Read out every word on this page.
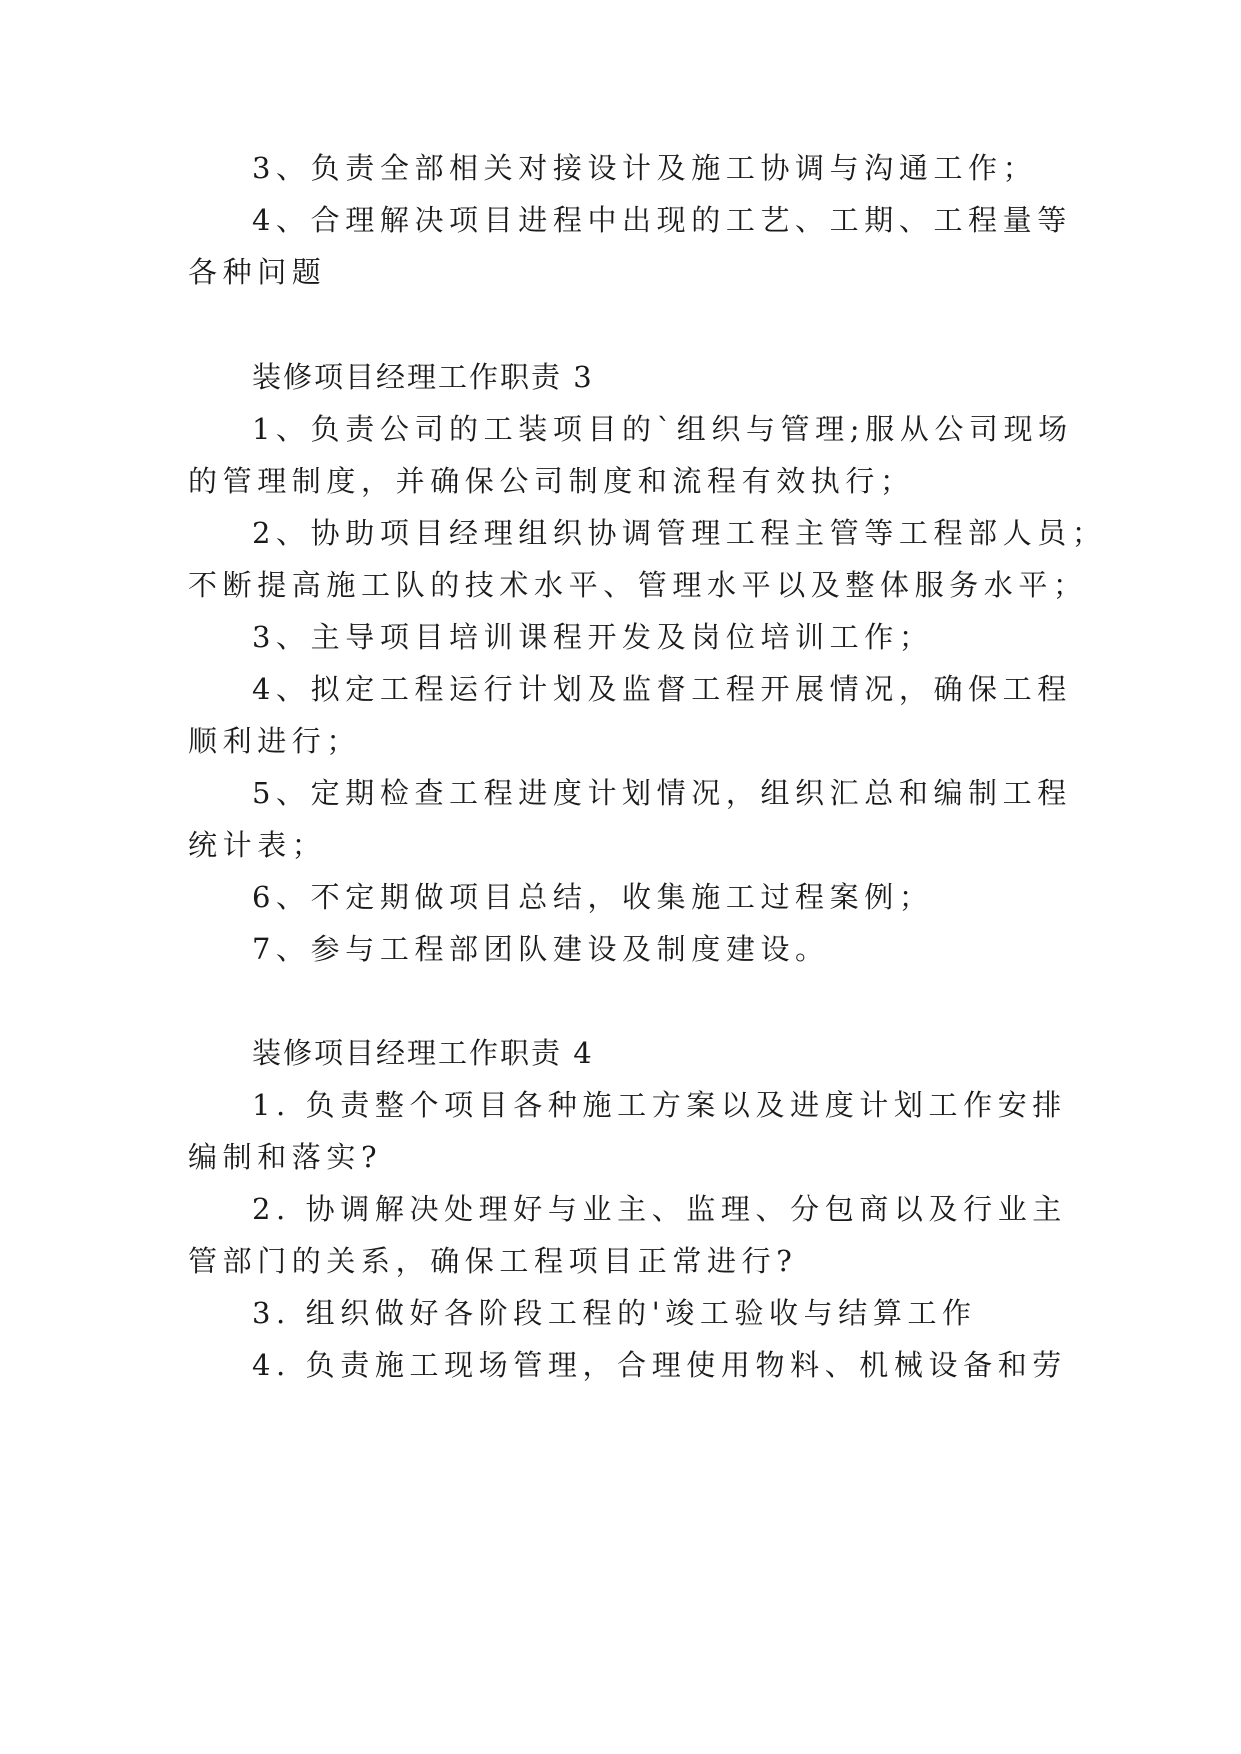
3、负责全部相关对接设计及施工协调与沟通工作；
4、合理解决项目进程中出现的工艺、工期、工程量等
各种问题
装修项目经理工作职责 3
1、负责公司的工装项目的`组织与管理;服从公司现场
的管理制度，并确保公司制度和流程有效执行；
2、协助项目经理组织协调管理工程主管等工程部人员；
不断提高施工队的技术水平、管理水平以及整体服务水平；
3、主导项目培训课程开发及岗位培训工作；
4、拟定工程运行计划及监督工程开展情况，确保工程
顺利进行；
5、定期检查工程进度计划情况，组织汇总和编制工程
统计表；
6、不定期做项目总结，收集施工过程案例；
7、参与工程部团队建设及制度建设。
装修项目经理工作职责 4
1. 负责整个项目各种施工方案以及进度计划工作安排
编制和落实?
2. 协调解决处理好与业主、监理、分包商以及行业主
管部门的关系，确保工程项目正常进行?
3. 组织做好各阶段工程的'竣工验收与结算工作
4. 负责施工现场管理，合理使用物料、机械设备和劳
